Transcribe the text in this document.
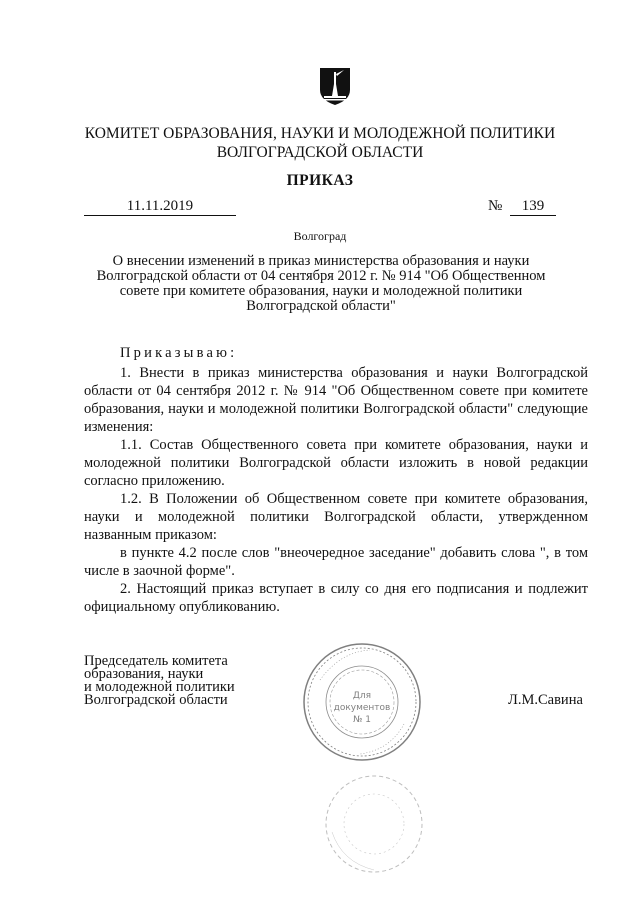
КОМИТЕТ ОБРАЗОВАНИЯ, НАУКИ И МОЛОДЕЖНОЙ ПОЛИТИКИ
ВОЛГОГРАДСКОЙ ОБЛАСТИ
ПРИКАЗ
11.11.2019	№	139
Волгоград
О внесении изменений в приказ министерства образования и науки
Волгоградской области от 04 сентября 2012 г. № 914 "Об Общественном
совете при комитете образования, науки и молодежной политики
Волгоградской области"

Приказываю:

1. Внести в приказ министерства образования и науки Волгоградской области от 04 сентября 2012 г. № 914 "Об Общественном совете при комитете образования, науки и молодежной политики Волгоградской области" следующие изменения:

1.1. Состав Общественного совета при комитете образования, науки и молодежной политики Волгоградской области изложить в новой редакции согласно приложению.

1.2. В Положении об Общественном совете при комитете образования, науки и молодежной политики Волгоградской области, утвержденном названным приказом:

в пункте 4.2 после слов "внеочередное заседание" добавить слова ", в том числе в заочной форме".

2. Настоящий приказ вступает в силу со дня его подписания и подлежит официальному опубликованию.

Председатель комитета
образования, науки
и молодежной политики
Волгоградской области	Л.М.Савина
Для
документов
№ 1
